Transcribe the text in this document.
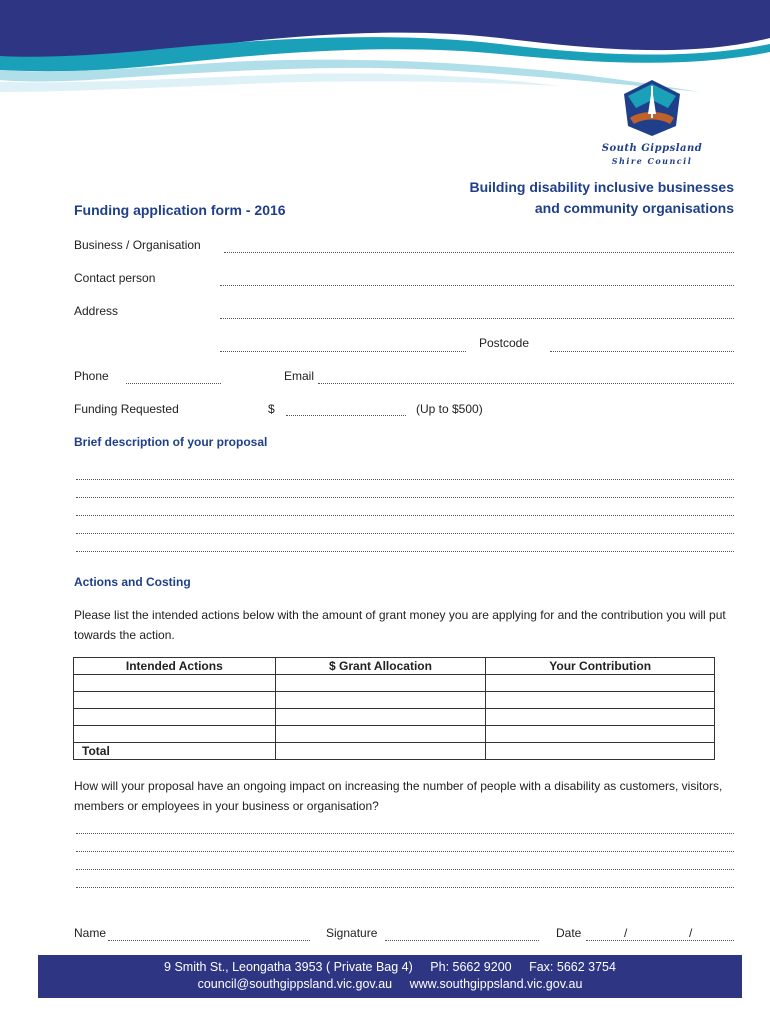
South Gippsland
Shire Council
Building disability inclusive businesses
and community organisations
Funding application form - 2016
Business / Organisation
Contact person
Address
Postcode
Phone	Email
Funding Requested	$	(Up to $500)
Brief description of your proposal
Actions and Costing
Please list the intended actions below with the amount of grant money you are applying for and the contribution you will put towards the action.
Intended Actions	$ Grant Allocation	Your Contribution

Total		
How will your proposal have an ongoing impact on increasing the number of people with a disability as customers, visitors, members or employees in your business or organisation?
Name	Signature	Date	/	/
9 Smith St., Leongatha 3953 ( Private Bag 4) Ph: 5662 9200 Fax: 5662 3754
council@southgippsland.vic.gov.au www.southgippsland.vic.gov.au
